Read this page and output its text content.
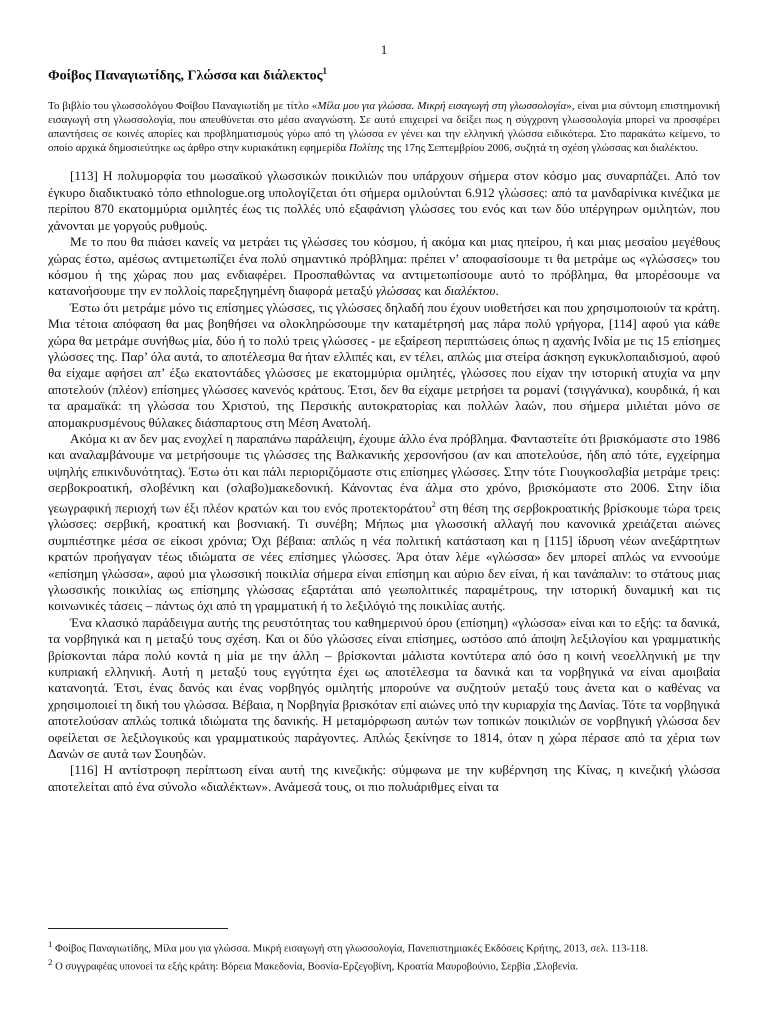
1
Φοίβος Παναγιωτίδης, Γλώσσα και διάλεκτος$^1$
Το βιβλίο του γλωσσολόγου Φοίβου Παναγιωτίδη με τίτλο «Μίλα μου για γλώσσα. Μικρή εισαγωγή στη γλωσσολογία», είναι μια σύντομη επιστημονική εισαγωγή στη γλωσσολογία, που απευθύνεται στο μέσο αναγνώστη. Σε αυτό επιχειρεί να δείξει πως η σύγχρονη γλωσσολογία μπορεί να προσφέρει απαντήσεις σε κοινές απορίες και προβληματισμούς γύρω από τη γλώσσα εν γένει και την ελληνική γλώσσα ειδικότερα. Στο παρακάτω κείμενο, το οποίο αρχικά δημοσιεύτηκε ως άρθρο στην κυριακάτικη εφημερίδα Πολίτης της 17ης Σεπτεμβρίου 2006, συζητά τη σχέση γλώσσας και διαλέκτου.

[113] Η πολυμορφία του μωσαϊκού γλωσσικών ποικιλιών που υπάρχουν σήμερα στον κόσμο μας συναρπάζει. Από τον έγκυρο διαδικτυακό τόπο ethnologue.org υπολογίζεται ότι σήμερα ομιλούνται 6.912 γλώσσες: από τα μανδαρίνικα κινέζικα με περίπου 870 εκατομμύρια ομιλητές έως τις πολλές υπό εξαφάνιση γλώσσες του ενός και των δύο υπέργηρων ομιλητών, που χάνονται με γοργούς ρυθμούς.

Με το που θα πιάσει κανείς να μετράει τις γλώσσες του κόσμου, ή ακόμα και μιας ηπείρου, ή και μιας μεσαίου μεγέθους χώρας έστω, αμέσως αντιμετωπίζει ένα πολύ σημαντικό πρόβλημα: πρέπει ν’ αποφασίσουμε τι θα μετράμε ως «γλώσσες» του κόσμου ή της χώρας που μας ενδιαφέρει. Προσπαθώντας να αντιμετωπίσουμε αυτό το πρόβλημα, θα μπορέσουμε να κατανοήσουμε την εν πολλοίς παρεξηγημένη διαφορά μεταξύ γλώσσας και διαλέκτου.

Έστω ότι μετράμε μόνο τις επίσημες γλώσσες, τις γλώσσες δηλαδή που έχουν υιοθετήσει και που χρησιμοποιούν τα κράτη. Μια τέτοια απόφαση θα μας βοηθήσει να ολοκληρώσουμε την καταμέτρησή μας πάρα πολύ γρήγορα, [114] αφού για κάθε χώρα θα μετράμε συνήθως μία, δύο ή το πολύ τρεις γλώσσες - με εξαίρεση περιπτώσεις όπως η αχανής Ινδία με τις 15 επίσημες γλώσσες της. Παρ’ όλα αυτά, το αποτέλεσμα θα ήταν ελλιπές και, εν τέλει, απλώς μια στείρα άσκηση εγκυκλοπαιδισμού, αφού θα είχαμε αφήσει απ’ έξω εκατοντάδες γλώσσες με εκατομμύρια ομιλητές, γλώσσες που είχαν την ιστορική ατυχία να μην αποτελούν (πλέον) επίσημες γλώσσες κανενός κράτους. Έτσι, δεν θα είχαμε μετρήσει τα ρομανί (τσιγγάνικα), κουρδικά, ή και τα αραμαϊκά: τη γλώσσα του Χριστού, της Περσικής αυτοκρατορίας και πολλών λαών, που σήμερα μιλιέται μόνο σε απομακρυσμένους θύλακες διάσπαρτους στη Μέση Ανατολή.

Ακόμα κι αν δεν μας ενοχλεί η παραπάνω παράλειψη, έχουμε άλλο ένα πρόβλημα. Φανταστείτε ότι βρισκόμαστε στο 1986 και αναλαμβάνουμε να μετρήσουμε τις γλώσσες της Βαλκανικής χερσονήσου (αν και αποτελούσε, ήδη από τότε, εγχείρημα υψηλής επικινδυνότητας). Έστω ότι και πάλι περιοριζόμαστε στις επίσημες γλώσσες. Στην τότε Γιουγκοσλαβία μετράμε τρεις: σερβοκροατική, σλοβένικη και (σλαβο)μακεδονική. Κάνοντας ένα άλμα στο χρόνο, βρισκόμαστε στο 2006. Στην ίδια γεωγραφική περιοχή των έξι πλέον κρατών και του ενός προτεκτοράτου$^2$ στη θέση της σερβοκροατικής βρίσκουμε τώρα τρεις γλώσσες: σερβική, κροατική και βοσνιακή. Τι συνέβη; Μήπως μια γλωσσική αλλαγή που κανονικά χρειάζεται αιώνες συμπιέστηκε μέσα σε είκοσι χρόνια; Όχι βέβαια: απλώς η νέα πολιτική κατάσταση και η [115] ίδρυση νέων ανεξάρτητων κρατών προήγαγαν τέως ιδιώματα σε νέες επίσημες γλώσσες. Άρα όταν λέμε «γλώσσα» δεν μπορεί απλώς να εννοούμε «επίσημη γλώσσα», αφού μια γλωσσική ποικιλία σήμερα είναι επίσημη και αύριο δεν είναι, ή και τανάπαλιν: το στάτους μιας γλωσσικής ποικιλίας ως επίσημης γλώσσας εξαρτάται από γεωπολιτικές παραμέτρους, την ιστορική δυναμική και τις κοινωνικές τάσεις – πάντως όχι από τη γραμματική ή το λεξιλόγιό της ποικιλίας αυτής.

Ένα κλασικό παράδειγμα αυτής της ρευστότητας του καθημερινού όρου (επίσημη) «γλώσσα» είναι και το εξής: τα δανικά, τα νορβηγικά και η μεταξύ τους σχέση. Και οι δύο γλώσσες είναι επίσημες, ωστόσο από άποψη λεξιλογίου και γραμματικής βρίσκονται πάρα πολύ κοντά η μία με την άλλη – βρίσκονται μάλιστα κοντύτερα από όσο η κοινή νεοελληνική με την κυπριακή ελληνική. Αυτή η μεταξύ τους εγγύτητα έχει ως αποτέλεσμα τα δανικά και τα νορβηγικά να είναι αμοιβαία κατανοητά. Έτσι, ένας δανός και ένας νορβηγός ομιλητής μπορούνε να συζητούν μεταξύ τους άνετα και ο καθένας να χρησιμοποιεί τη δική του γλώσσα. Βέβαια, η Νορβηγία βρισκόταν επί αιώνες υπό την κυριαρχία της Δανίας. Τότε τα νορβηγικά αποτελούσαν απλώς τοπικά ιδιώματα της δανικής. Η μεταμόρφωση αυτών των τοπικών ποικιλιών σε νορβηγική γλώσσα δεν οφείλεται σε λεξιλογικούς και γραμματικούς παράγοντες. Απλώς ξεκίνησε το 1814, όταν η χώρα πέρασε από τα χέρια των Δανών σε αυτά των Σουηδών.

[116] Η αντίστροφη περίπτωση είναι αυτή της κινεζικής: σύμφωνα με την κυβέρνηση της Κίνας, η κινεζική γλώσσα αποτελείται από ένα σύνολο «διαλέκτων». Ανάμεσά τους, οι πιο πολυάριθμες είναι τα

$^1$ Φοίβος Παναγιωτίδης, Μίλα μου για γλώσσα. Μικρή εισαγωγή στη γλωσσολογία, Πανεπιστημιακές Εκδόσεις Κρήτης, 2013, σελ. 113-118.

$^2$ Ο συγγραφέας υπονοεί τα εξής κράτη: Βόρεια Μακεδονία, Βοσνία-Ερζεγοβίνη, Κροατία Μαυροβούνιο, Σερβία ,Σλοβενία.
